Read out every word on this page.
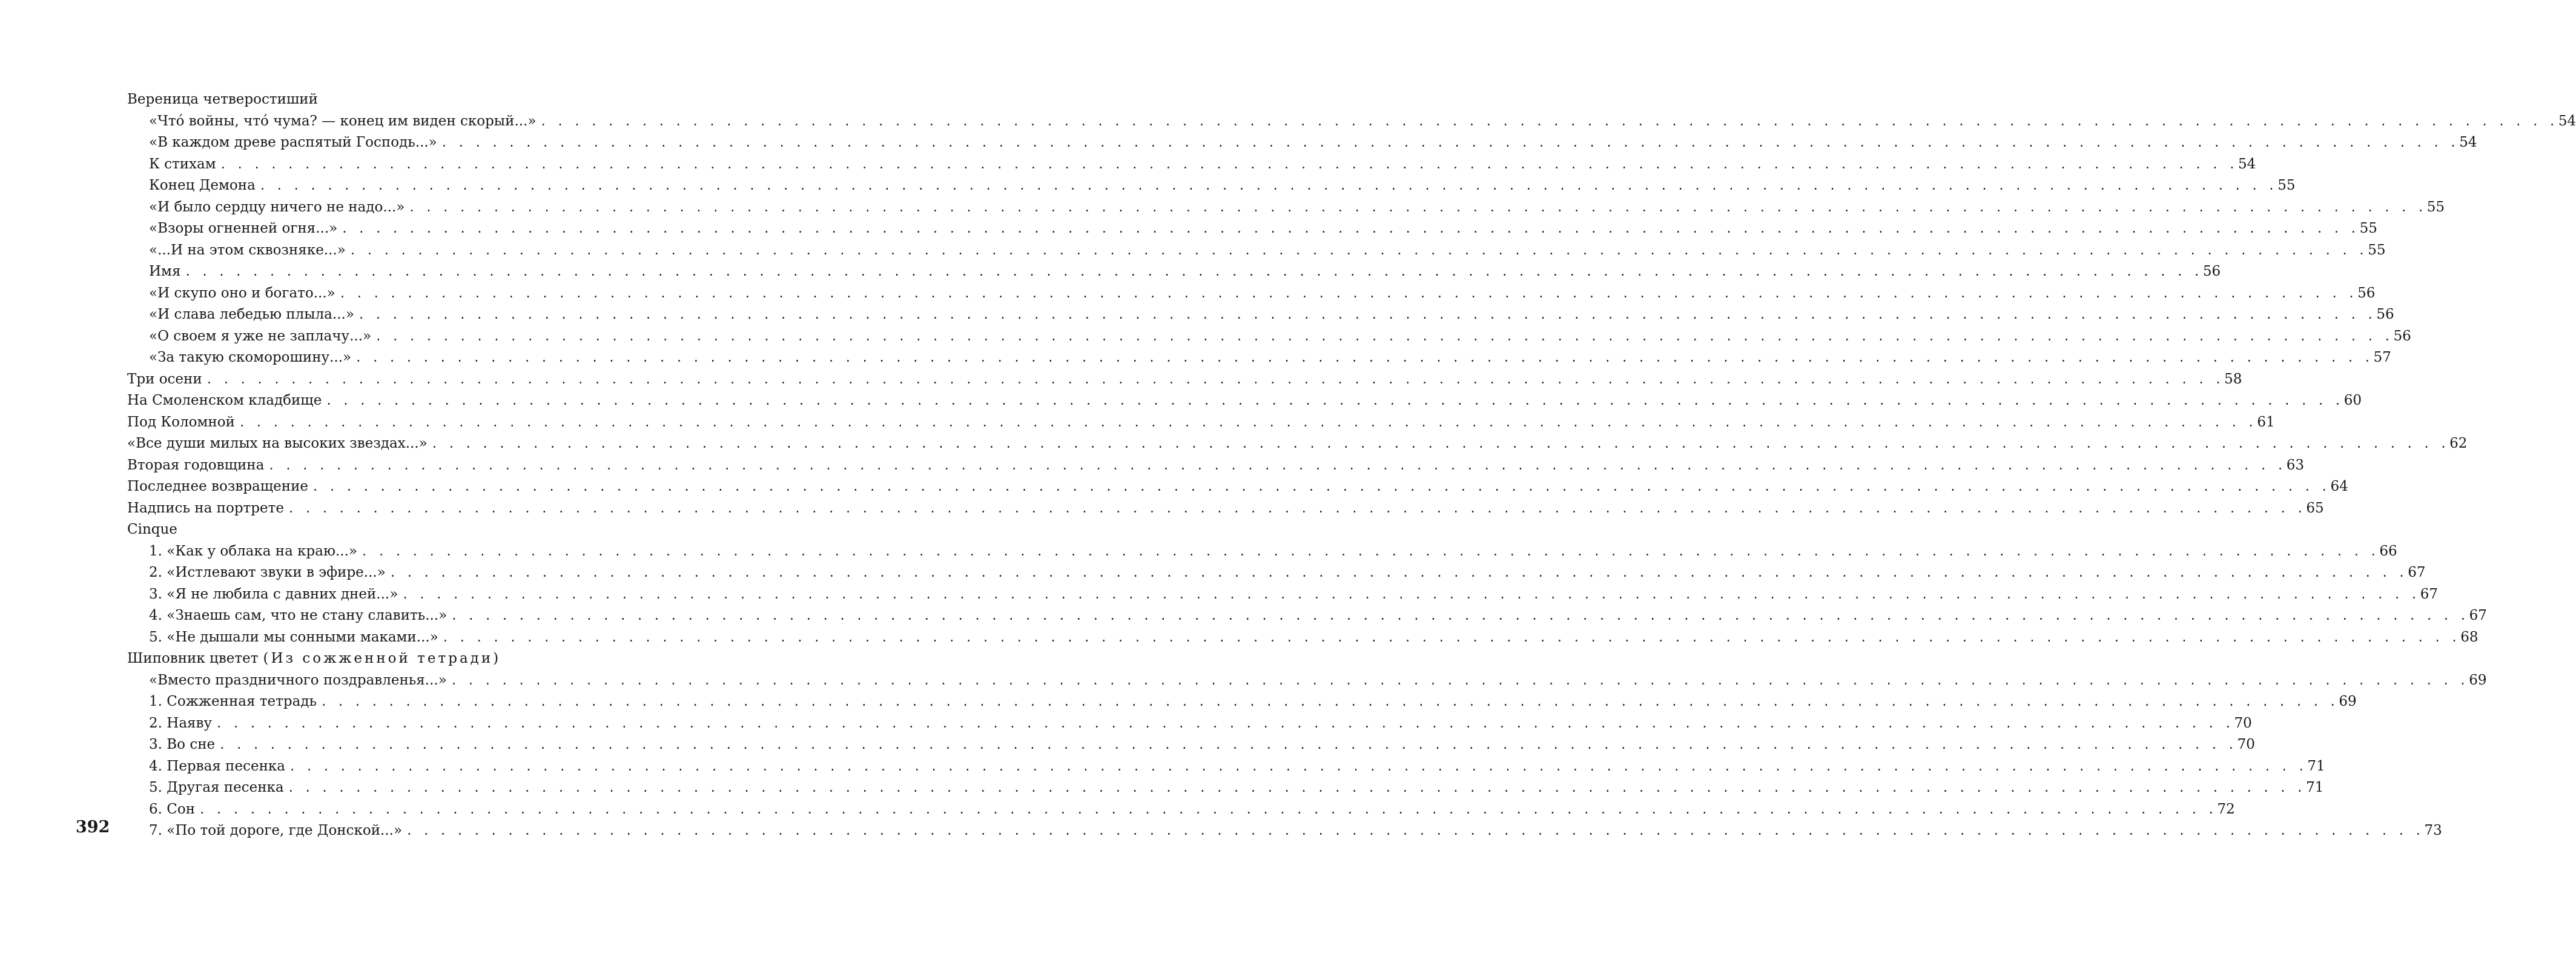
Вереница четверостиший
«Что́ войны, что́ чума? — конец им виден скорый...» . . . . . . . . . . . . . . . . . . . . . . . . . . . . . . . . . . . . . . . . . . . . . . . . . . . . . . . . . . . . . . . . . . . . . . . . . . . . . . . . . . . . . . . . . . . . . . . . . . . . . . . . . . . . . . . . . . . . . . . . 54
«В каждом древе распятый Господь...» . . . . . . . . . . . . . . . . . . . . . . . . . . . . . . . . . . . . . . . . . . . . . . . . . . . . . . . . . . . . . . . . . . . . . . . . . . . . . . . . . . . . . . . . . . . . . . . . . . . . . . . . . . . . . . . . . . . . . . . . 54
К стихам . . . . . . . . . . . . . . . . . . . . . . . . . . . . . . . . . . . . . . . . . . . . . . . . . . . . . . . . . . . . . . . . . . . . . . . . . . . . . . . . . . . . . . . . . . . . . . . . . . . . . . . . . . . . . . . . . . . . . . . . 54
Конец Демона . . . . . . . . . . . . . . . . . . . . . . . . . . . . . . . . . . . . . . . . . . . . . . . . . . . . . . . . . . . . . . . . . . . . . . . . . . . . . . . . . . . . . . . . . . . . . . . . . . . . . . . . . . . . . . . . . . . . . . . . 55
«И было сердцу ничего не надо...» . . . . . . . . . . . . . . . . . . . . . . . . . . . . . . . . . . . . . . . . . . . . . . . . . . . . . . . . . . . . . . . . . . . . . . . . . . . . . . . . . . . . . . . . . . . . . . . . . . . . . . . . . . . . . . . . . . . . . . . . 55
«Взоры огненней огня...» . . . . . . . . . . . . . . . . . . . . . . . . . . . . . . . . . . . . . . . . . . . . . . . . . . . . . . . . . . . . . . . . . . . . . . . . . . . . . . . . . . . . . . . . . . . . . . . . . . . . . . . . . . . . . . . . . . . . . . . . 55
«...И на этом сквозняке...» . . . . . . . . . . . . . . . . . . . . . . . . . . . . . . . . . . . . . . . . . . . . . . . . . . . . . . . . . . . . . . . . . . . . . . . . . . . . . . . . . . . . . . . . . . . . . . . . . . . . . . . . . . . . . . . . . . . . . . . . 55
Имя . . . . . . . . . . . . . . . . . . . . . . . . . . . . . . . . . . . . . . . . . . . . . . . . . . . . . . . . . . . . . . . . . . . . . . . . . . . . . . . . . . . . . . . . . . . . . . . . . . . . . . . . . . . . . . . . . . . . . . . . 56
«И скупо оно и богато...» . . . . . . . . . . . . . . . . . . . . . . . . . . . . . . . . . . . . . . . . . . . . . . . . . . . . . . . . . . . . . . . . . . . . . . . . . . . . . . . . . . . . . . . . . . . . . . . . . . . . . . . . . . . . . . . . . . . . . . . . 56
«И слава лебедью плыла...» . . . . . . . . . . . . . . . . . . . . . . . . . . . . . . . . . . . . . . . . . . . . . . . . . . . . . . . . . . . . . . . . . . . . . . . . . . . . . . . . . . . . . . . . . . . . . . . . . . . . . . . . . . . . . . . . . . . . . . . . 56
«О своем я уже не заплачу...» . . . . . . . . . . . . . . . . . . . . . . . . . . . . . . . . . . . . . . . . . . . . . . . . . . . . . . . . . . . . . . . . . . . . . . . . . . . . . . . . . . . . . . . . . . . . . . . . . . . . . . . . . . . . . . . . . . . . . . . . 56
«За такую скоморошину...» . . . . . . . . . . . . . . . . . . . . . . . . . . . . . . . . . . . . . . . . . . . . . . . . . . . . . . . . . . . . . . . . . . . . . . . . . . . . . . . . . . . . . . . . . . . . . . . . . . . . . . . . . . . . . . . . . . . . . . . . 57
Три осени . . . . . . . . . . . . . . . . . . . . . . . . . . . . . . . . . . . . . . . . . . . . . . . . . . . . . . . . . . . . . . . . . . . . . . . . . . . . . . . . . . . . . . . . . . . . . . . . . . . . . . . . . . . . . . . . . . . . . . . . 58
На Смоленском кладбище . . . . . . . . . . . . . . . . . . . . . . . . . . . . . . . . . . . . . . . . . . . . . . . . . . . . . . . . . . . . . . . . . . . . . . . . . . . . . . . . . . . . . . . . . . . . . . . . . . . . . . . . . . . . . . . . . . . . . . . . 60
Под Коломной . . . . . . . . . . . . . . . . . . . . . . . . . . . . . . . . . . . . . . . . . . . . . . . . . . . . . . . . . . . . . . . . . . . . . . . . . . . . . . . . . . . . . . . . . . . . . . . . . . . . . . . . . . . . . . . . . . . . . . . . 61
«Все души милых на высоких звездах...» . . . . . . . . . . . . . . . . . . . . . . . . . . . . . . . . . . . . . . . . . . . . . . . . . . . . . . . . . . . . . . . . . . . . . . . . . . . . . . . . . . . . . . . . . . . . . . . . . . . . . . . . . . . . . . . . . . . . . . . . 62
Вторая годовщина . . . . . . . . . . . . . . . . . . . . . . . . . . . . . . . . . . . . . . . . . . . . . . . . . . . . . . . . . . . . . . . . . . . . . . . . . . . . . . . . . . . . . . . . . . . . . . . . . . . . . . . . . . . . . . . . . . . . . . . . 63
Последнее возвращение . . . . . . . . . . . . . . . . . . . . . . . . . . . . . . . . . . . . . . . . . . . . . . . . . . . . . . . . . . . . . . . . . . . . . . . . . . . . . . . . . . . . . . . . . . . . . . . . . . . . . . . . . . . . . . . . . . . . . . . . 64
Надпись на портрете . . . . . . . . . . . . . . . . . . . . . . . . . . . . . . . . . . . . . . . . . . . . . . . . . . . . . . . . . . . . . . . . . . . . . . . . . . . . . . . . . . . . . . . . . . . . . . . . . . . . . . . . . . . . . . . . . . . . . . . . 65
Cinque
1. «Как у облака на краю...» . . . . . . . . . . . . . . . . . . . . . . . . . . . . . . . . . . . . . . . . . . . . . . . . . . . . . . . . . . . . . . . . . . . . . . . . . . . . . . . . . . . . . . . . . . . . . . . . . . . . . . . . . . . . . . . . . . . . . . . . 66
2. «Истлевают звуки в эфире...» . . . . . . . . . . . . . . . . . . . . . . . . . . . . . . . . . . . . . . . . . . . . . . . . . . . . . . . . . . . . . . . . . . . . . . . . . . . . . . . . . . . . . . . . . . . . . . . . . . . . . . . . . . . . . . . . . . . . . . . . 67
3. «Я не любила с давних дней...» . . . . . . . . . . . . . . . . . . . . . . . . . . . . . . . . . . . . . . . . . . . . . . . . . . . . . . . . . . . . . . . . . . . . . . . . . . . . . . . . . . . . . . . . . . . . . . . . . . . . . . . . . . . . . . . . . . . . . . . . 67
4. «Знаешь сам, что не стану славить...» . . . . . . . . . . . . . . . . . . . . . . . . . . . . . . . . . . . . . . . . . . . . . . . . . . . . . . . . . . . . . . . . . . . . . . . . . . . . . . . . . . . . . . . . . . . . . . . . . . . . . . . . . . . . . . . . . . . . . . . . 67
5. «Не дышали мы сонными маками...» . . . . . . . . . . . . . . . . . . . . . . . . . . . . . . . . . . . . . . . . . . . . . . . . . . . . . . . . . . . . . . . . . . . . . . . . . . . . . . . . . . . . . . . . . . . . . . . . . . . . . . . . . . . . . . . . . . . . . . . . 68
Шиповник цветет (Из сожженной тетради)
«Вместо праздничного поздравленья...» . . . . . . . . . . . . . . . . . . . . . . . . . . . . . . . . . . . . . . . . . . . . . . . . . . . . . . . . . . . . . . . . . . . . . . . . . . . . . . . . . . . . . . . . . . . . . . . . . . . . . . . . . . . . . . . . . . . . . . . . 69
1. Сожженная тетрадь . . . . . . . . . . . . . . . . . . . . . . . . . . . . . . . . . . . . . . . . . . . . . . . . . . . . . . . . . . . . . . . . . . . . . . . . . . . . . . . . . . . . . . . . . . . . . . . . . . . . . . . . . . . . . . . . . . . . . . . . 69
2. Наяву . . . . . . . . . . . . . . . . . . . . . . . . . . . . . . . . . . . . . . . . . . . . . . . . . . . . . . . . . . . . . . . . . . . . . . . . . . . . . . . . . . . . . . . . . . . . . . . . . . . . . . . . . . . . . . . . . . . . . . . . 70
3. Во сне . . . . . . . . . . . . . . . . . . . . . . . . . . . . . . . . . . . . . . . . . . . . . . . . . . . . . . . . . . . . . . . . . . . . . . . . . . . . . . . . . . . . . . . . . . . . . . . . . . . . . . . . . . . . . . . . . . . . . . . . 70
4. Первая песенка . . . . . . . . . . . . . . . . . . . . . . . . . . . . . . . . . . . . . . . . . . . . . . . . . . . . . . . . . . . . . . . . . . . . . . . . . . . . . . . . . . . . . . . . . . . . . . . . . . . . . . . . . . . . . . . . . . . . . . . . 71
5. Другая песенка . . . . . . . . . . . . . . . . . . . . . . . . . . . . . . . . . . . . . . . . . . . . . . . . . . . . . . . . . . . . . . . . . . . . . . . . . . . . . . . . . . . . . . . . . . . . . . . . . . . . . . . . . . . . . . . . . . . . . . . . 71
6. Сон . . . . . . . . . . . . . . . . . . . . . . . . . . . . . . . . . . . . . . . . . . . . . . . . . . . . . . . . . . . . . . . . . . . . . . . . . . . . . . . . . . . . . . . . . . . . . . . . . . . . . . . . . . . . . . . . . . . . . . . . 72
7. «По той дороге, где Донской...» . . . . . . . . . . . . . . . . . . . . . . . . . . . . . . . . . . . . . . . . . . . . . . . . . . . . . . . . . . . . . . . . . . . . . . . . . . . . . . . . . . . . . . . . . . . . . . . . . . . . . . . . . . . . . . . . . . . . . . . . 73
392
